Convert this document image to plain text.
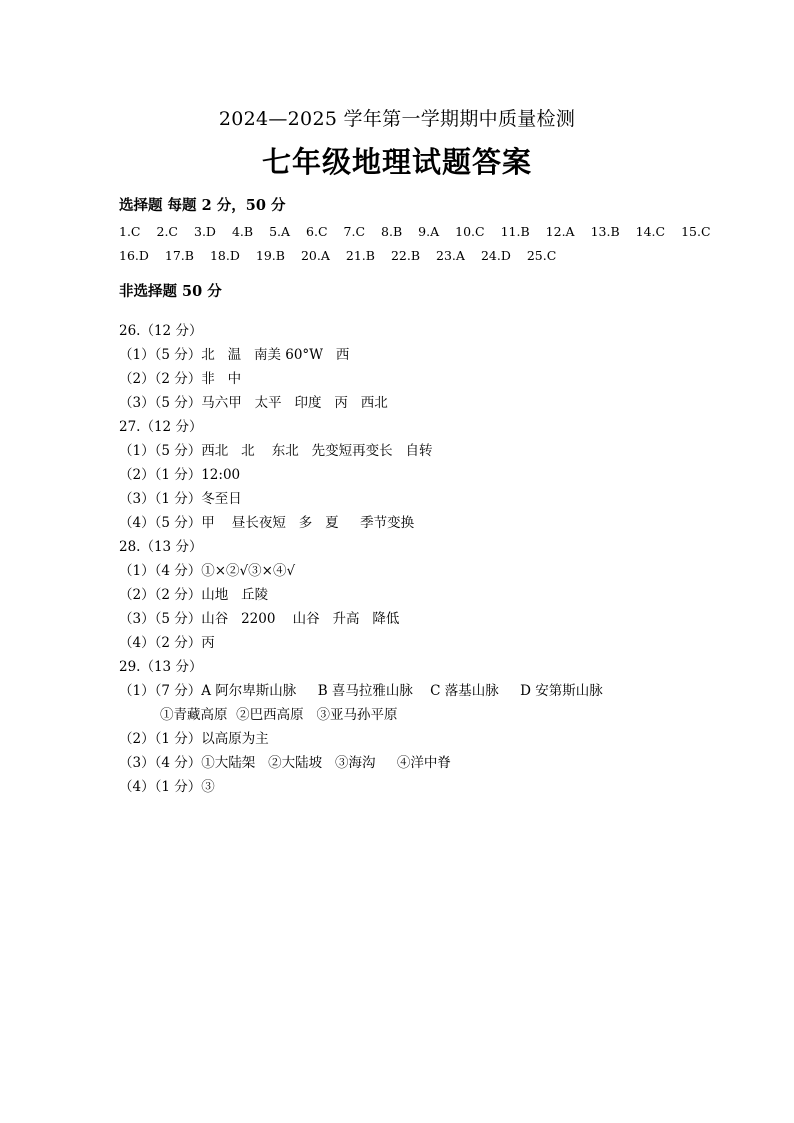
2024—2025 学年第一学期期中质量检测
七年级地理试题答案
选择题 每题 2 分，50 分
1.C 2.C 3.D 4.B 5.A 6.C 7.C 8.B 9.A 10.C 11.B 12.A 13.B 14.C 15.C
16.D 17.B 18.D 19.B 20.A 21.B 22.B 23.A 24.D 25.C
非选择题 50 分
26.（12 分）
（1）（5 分）北   温   南美 60°W   西
（2）（2 分）非   中
（3）（5 分）马六甲   太平   印度   丙   西北
27.（12 分）
（1）（5 分）西北   北    东北   先变短再变长   自转
（2）（1 分）12:00
（3）（1 分）冬至日
（4）（5 分）甲    昼长夜短   多   夏     季节变换
28.（13 分）
（1）（4 分）①×②√③×④√
（2）（2 分）山地   丘陵
（3）（5 分）山谷   2200    山谷   升高   降低
（4）（2 分）丙
29.（13 分）
（1）（7 分）A 阿尔卑斯山脉     B 喜马拉雅山脉    C 落基山脉     D 安第斯山脉
①青藏高原  ②巴西高原   ③亚马孙平原
（2）（1 分）以高原为主
（3）（4 分）①大陆架   ②大陆坡   ③海沟     ④洋中脊
（4）（1 分）③
